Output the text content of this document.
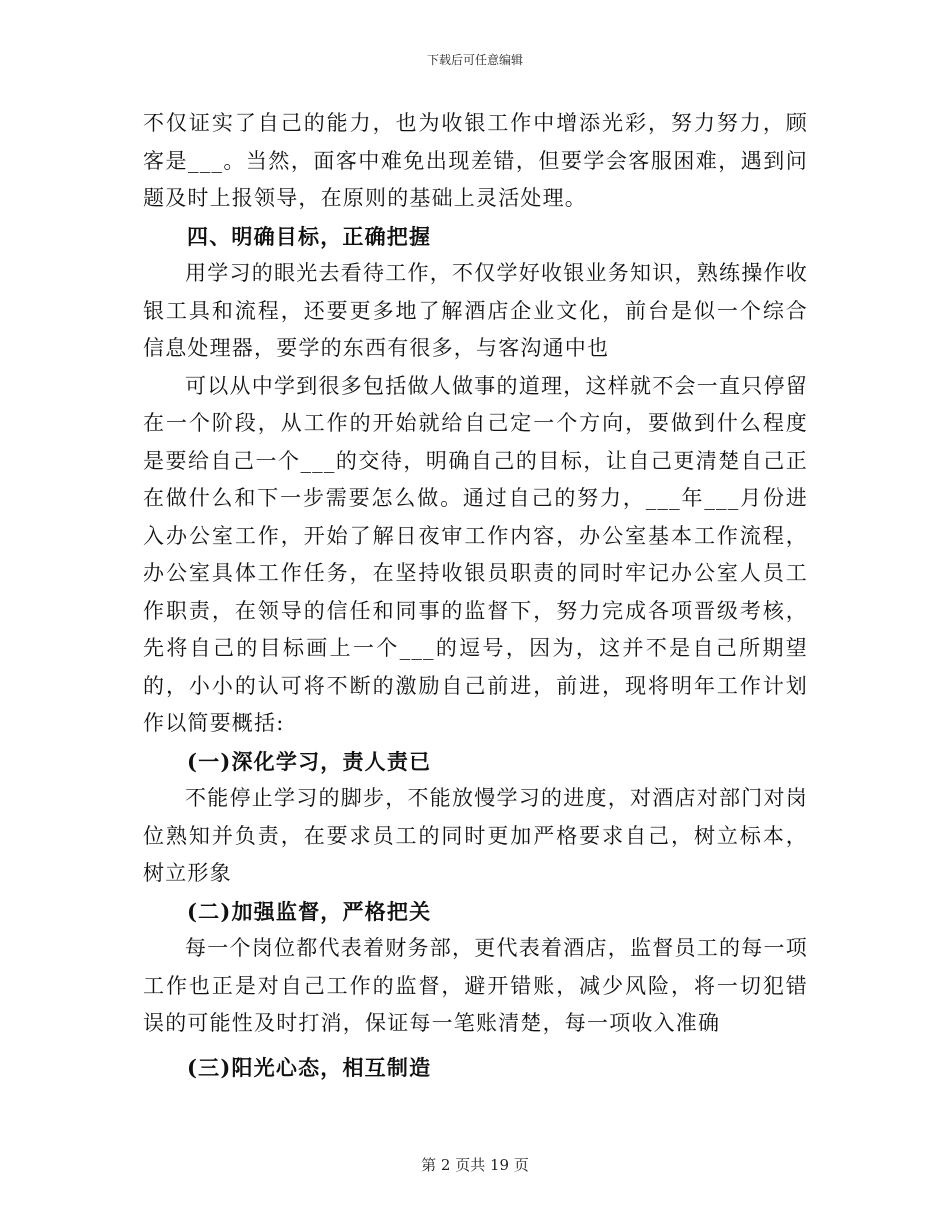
下载后可任意编辑

不仅证实了自己的能力，也为收银工作中增添光彩，努力努力，顾客是___。当然，面客中难免出现差错，但要学会客服困难，遇到问题及时上报领导，在原则的基础上灵活处理。

四、明确目标，正确把握

用学习的眼光去看待工作，不仅学好收银业务知识，熟练操作收银工具和流程，还要更多地了解酒店企业文化，前台是似一个综合信息处理器，要学的东西有很多，与客沟通中也

可以从中学到很多包括做人做事的道理，这样就不会一直只停留在一个阶段，从工作的开始就给自己定一个方向，要做到什么程度是要给自己一个___的交待，明确自己的目标，让自己更清楚自己正在做什么和下一步需要怎么做。通过自己的努力，___年___月份进入办公室工作，开始了解日夜审工作内容，办公室基本工作流程，办公室具体工作任务，在坚持收银员职责的同时牢记办公室人员工作职责，在领导的信任和同事的监督下，努力完成各项晋级考核，先将自己的目标画上一个___的逗号，因为，这并不是自己所期望的，小小的认可将不断的激励自己前进，前进，现将明年工作计划作以简要概括:

(一)深化学习，责人责已

不能停止学习的脚步，不能放慢学习的进度，对酒店对部门对岗位熟知并负责，在要求员工的同时更加严格要求自己，树立标本，树立形象

(二)加强监督，严格把关

每一个岗位都代表着财务部，更代表着酒店，监督员工的每一项工作也正是对自己工作的监督，避开错账，减少风险，将一切犯错误的可能性及时打消，保证每一笔账清楚，每一项收入准确

(三)阳光心态，相互制造

第 2 页共 19 页
